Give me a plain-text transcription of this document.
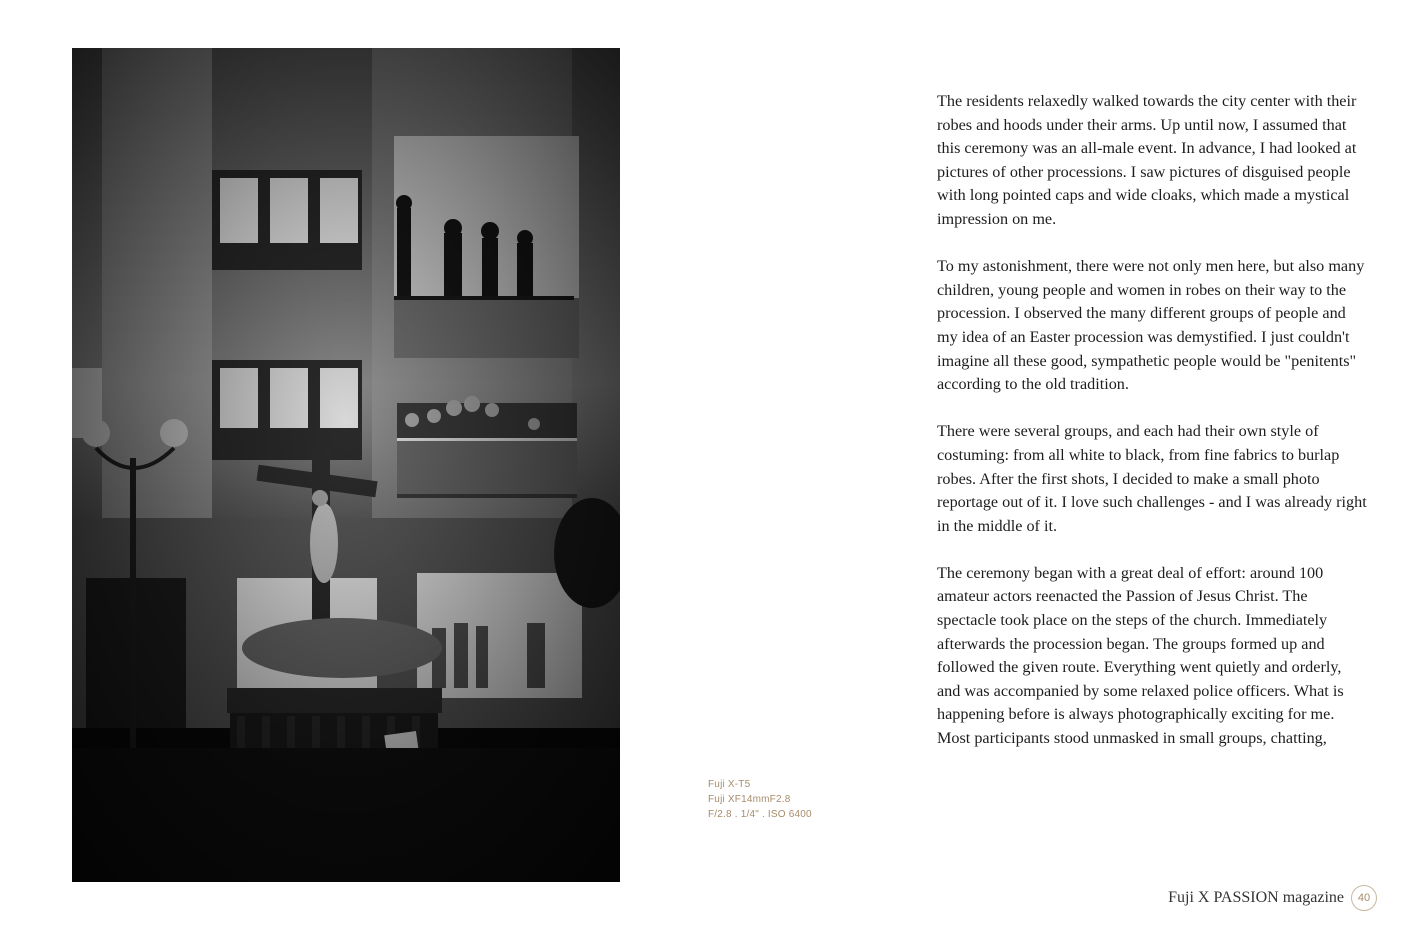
Fuji X-T5
Fuji XF14mmF2.8
F/2.8 . 1/4" . ISO 6400

The residents relaxedly walked towards the city center with their robes and hoods under their arms. Up until now, I assumed that this ceremony was an all-male event. In advance, I had looked at pictures of other processions. I saw pictures of disguised people with long pointed caps and wide cloaks, which made a mystical impression on me.

To my astonishment, there were not only men here, but also many children, young people and women in robes on their way to the procession. I observed the many different groups of people and my idea of an Easter procession was demystified. I just couldn't imagine all these good, sympathetic people would be "penitents" according to the old tradition.

There were several groups, and each had their own style of costuming: from all white to black, from fine fabrics to burlap robes. After the first shots, I decided to make a small photo reportage out of it. I love such challenges - and I was already right in the middle of it.

The ceremony began with a great deal of effort: around 100 amateur actors reenacted the Passion of Jesus Christ. The spectacle took place on the steps of the church. Immediately afterwards the procession began. The groups formed up and followed the given route. Everything went quietly and orderly, and was accompanied by some relaxed police officers. What is happening before is always photographically exciting for me. Most participants stood unmasked in small groups, chatting,

Fuji X PASSION magazine	40
